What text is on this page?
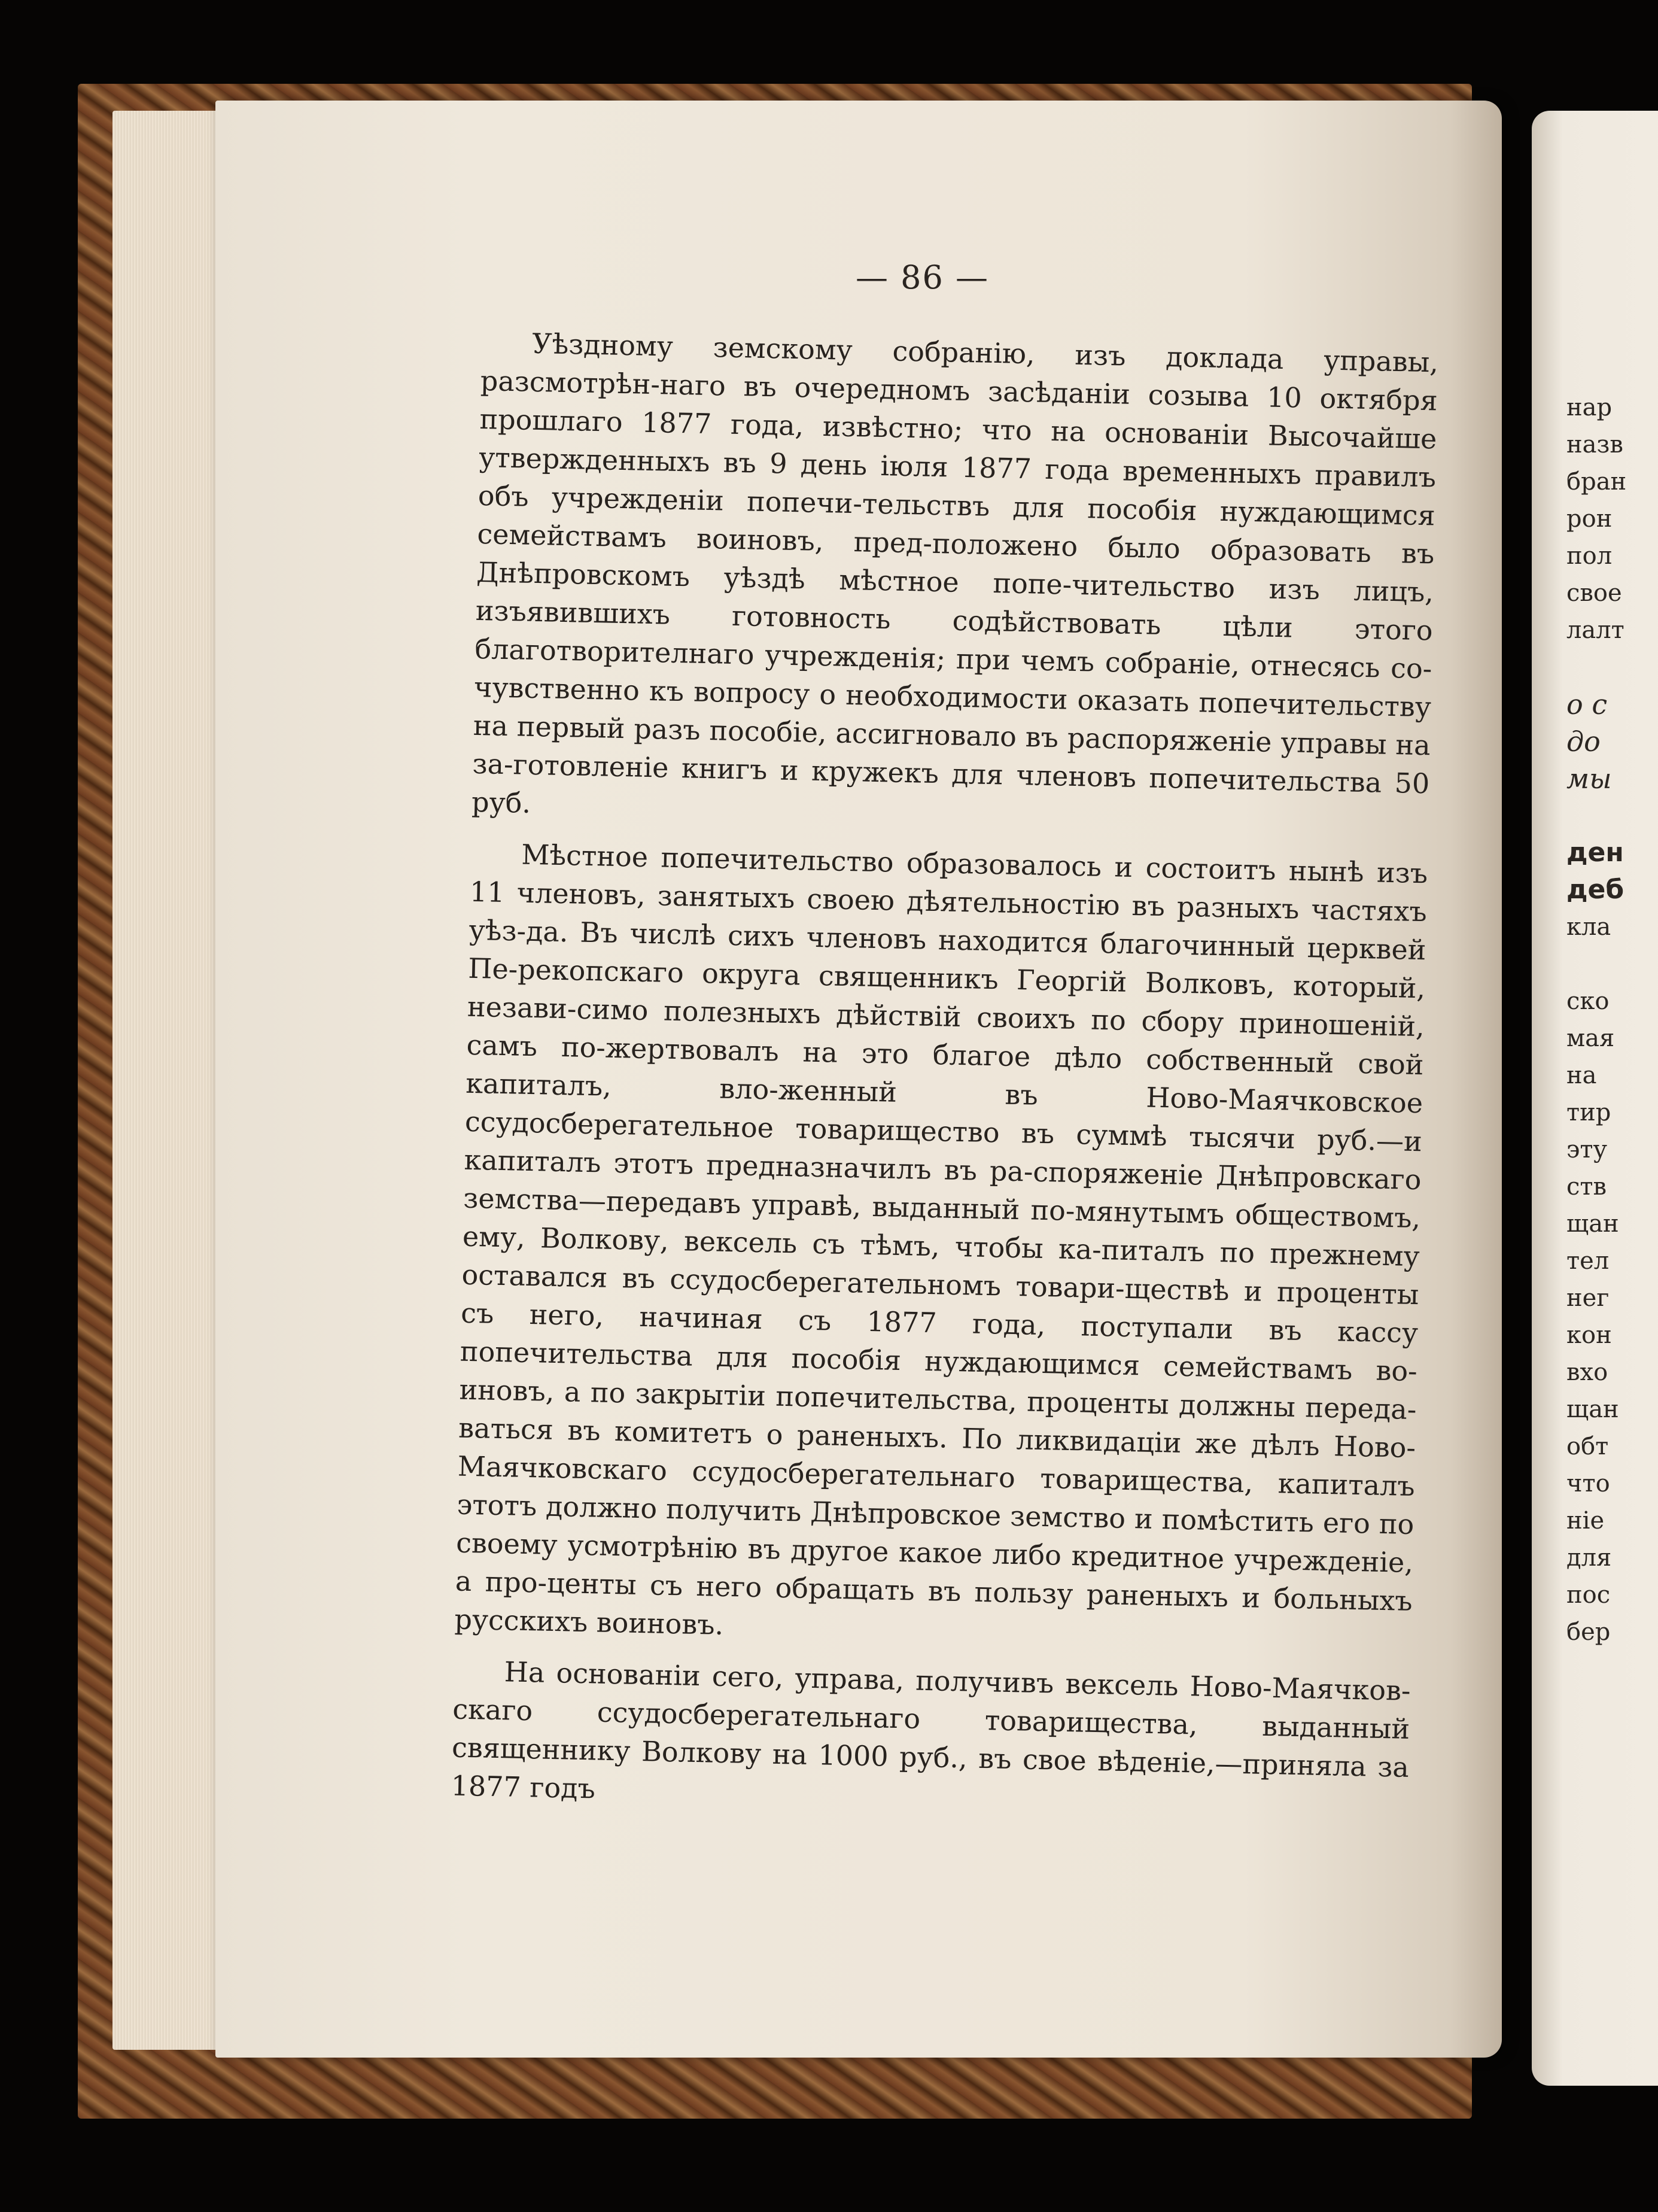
нар
назв
бран
рон
пол
свое
лалт
о с
до
мы
ден
деб
кла
ско
мая
на
тир
эту
ств
щан
тел
нег
кон
вхо
щан
обт
что
ніе
для
пос
бер
— 86 —

Уѣздному земскому собранію, изъ доклада управы, разсмотрѣн-наго въ очередномъ засѣданіи созыва 10 октября прошлаго 1877 года, извѣстно; что на основаніи Высочайше утвержденныхъ въ 9 день іюля 1877 года временныхъ правилъ объ учрежденіи попечи-тельствъ для пособія нуждающимся семействамъ воиновъ, пред-положено было образовать въ Днѣпровскомъ уѣздѣ мѣстное попе-чительство изъ лицъ, изъявившихъ готовность содѣйствовать цѣли этого благотворителнаго учрежденія; при чемъ собраніе, отнесясь со-чувственно къ вопросу о необходимости оказать попечительству на первый разъ пособіе, ассигновало въ распоряженіе управы на за-готовленіе книгъ и кружекъ для членовъ попечительства 50 руб.

Мѣстное попечительство образовалось и состоитъ нынѣ изъ 11 членовъ, занятыхъ своею дѣятельностію въ разныхъ частяхъ уѣз-да. Въ числѣ сихъ членовъ находится благочинный церквей Пе-рекопскаго округа священникъ Георгій Волковъ, который, незави-симо полезныхъ дѣйствій своихъ по сбору приношеній, самъ по-жертвовалъ на это благое дѣло собственный свой капиталъ, вло-женный въ Ново-Маячковское ссудосберегательное товарищество въ суммѣ тысячи руб.—и капиталъ этотъ предназначилъ въ ра-споряженіе Днѣпровскаго земства—передавъ управѣ, выданный по-мянутымъ обществомъ, ему, Волкову, вексель съ тѣмъ, чтобы ка-питалъ по прежнему оставался въ ссудосберегательномъ товари-ществѣ и проценты съ него, начиная съ 1877 года, поступали въ кассу попечительства для пособія нуждающимся семействамъ во-иновъ, а по закрытіи попечительства, проценты должны переда-ваться въ комитетъ о раненыхъ. По ликвидаціи же дѣлъ Ново-Маячковскаго ссудосберегательнаго товарищества, капиталъ этотъ должно получить Днѣпровское земство и помѣстить его по своему усмотрѣнію въ другое какое либо кредитное учрежденіе, а про-центы съ него обращать въ пользу раненыхъ и больныхъ русскихъ воиновъ.

На основаніи сего, управа, получивъ вексель Ново-Маячков-скаго ссудосберегательнаго товарищества, выданный священнику Волкову на 1000 руб., въ свое вѣденіе,—приняла за 1877 годъ
